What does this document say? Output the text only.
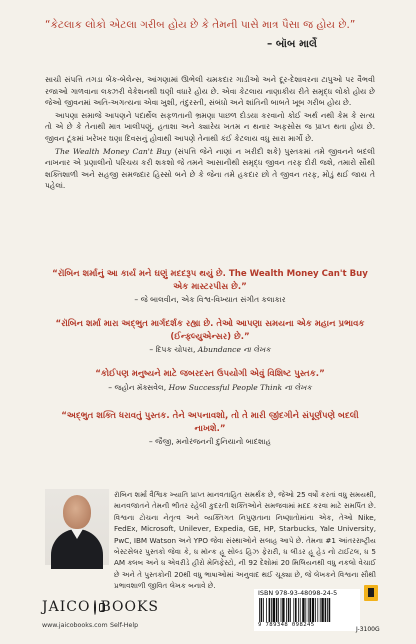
“કેટલાક લોકો એટલા ગરીબ હોય છે કે તેમની પાસે માત્ર પૈસા જ હોય છે.”
– બૉબ માર્લે

સાચી સંપત્તિ તગડા બેંક-બેલેન્સ, આંગણામાં ઊભેલી ચમકદાર ગાડીઓ અને દૂર-દેશાવરના ટાપુઓ પર વૈભવી રજાઓ ગાળવાના લક્ઝરી વેકેશનથી ઘણી વધારે હોય છે. એવા કેટલાય નાણાકીય રીતે સમૃદ્ધ લોકો હોય છે જેઓ જીવનમાં અતિ-અગત્યના એવા ખુશી, તંદુરસ્તી, સંબંધો અને શાંતિની બાબતે ખૂબ ગરીબ હોય છે.

આપણા સમાજે આપણને પદાર્થેલ સફળતાની ભ્રમણા પાછળ દોડયા કરવાનો કોઈ અર્થ નથી કેમ કે સત્ય તો એ છે કે તેનાથી માત્ર ખાલીપણું, હતાશા અને ક્યારેય ખતમ ન થનાર અફસોસ જ પ્રાપ્ત થતા હોય છે. જીવન ટૂંકમાં ખરેખર ઘણા દિવસનું હોવાથી આપણે તેનાથી કંઈ કેટલાય વધુ સારા માર્ગો છે.

The Wealth Money Can't Buy (સંપત્તિ જેને નાણાં ન ખરીદી શકે) પુસ્તકમાં તમે જીવનને બદલી નાખનાર એ પ્રણાલીનો પરિચય કરી શકશો જે તમને આસાનીથી સમૃદ્ધ જીવન તરફ દોરી જશે, તમારો સૌથી શક્તિશાળી અને સહજી સમજદાર હિસ્સો બને છે કે જેના તમે હકદાર છો તે જીવન તરફ, મોડું થઈ જાય તે પહેલાં.

“રૉબિન શર્માનું આ કાર્ય મને ઘણું મદદરૂપ થયું છે. The Wealth Money Can't Buy એક માસ્ટરપીસ છે.”
– જે બાલવીન, એક વિશ્વ-વિખ્યાત સંગીત કલાકાર
“રૉબિન શર્મા મારા અદ્ભુત માર્ગદર્શક રહ્યા છે. તેઓ આપણા સમયના એક મહાન પ્રભાવક (ઈન્ફ્લ્યુએન્સર) છે.”
– દિપક ચોપરા, Abundance ના લેખક
“કોઈપણ મનુષ્યને માટે જબરદસ્ત ઉપયોગી એવું વિશિષ્ટ પુસ્તક.”
– જહોન મૅક્સવેલ, How Successful People Think ના લેખક
“અદ્ભુત શક્તિ ધરાવતું પુસ્તક. તેને અપનાવશો, તો તે મારી જીંદગીને સંપૂર્ણપણે બદલી નાખશે.”
– જૈજી, મનોરંજનની દુનિયાનો બાદશાહ
રૉબિન શર્મા વૈશ્વિક ખ્યાતિ પ્રાપ્ત માનવતાહિત સમર્થક છે, જેઓ 25 વર્ષો કરતાં વધુ સમયથી, માનવજાતને તેમની ભીતર રહેલી કુદરતી શક્તિઓને સમજવામાં મદદ કરવા માટે સમર્પિત છે. વિશ્વના ટોચના નેતૃત્વ અને વ્યક્તિગત નિપુણતાના નિષ્ણાતોમાંના એક, તેઓ Nike, FedEx, Microsoft, Unilever, Expedia, GE, HP, Starbucks, Yale University, PwC, IBM Watson અને YPO જેવા સંસ્થાઓને સલાહ આપે છે. તેમના #1 આંતરરાષ્ટ્રીય બેસ્ટસેલર પુસ્તકો જેવા કે, ધ મૉન્ક હૂ સોલ્ડ હિઝ ફેરારી, ધ લીડર હૂ હેડ નો ટાઈટલ, ધ 5 AM ક્લબ અને ધ એવરીડે હીરો મેનિફેસ્ટો, ની 92 દેશોમાં 20 મિલિયનથી વધુ નકલો વેચાઈ છે અને તે પુસ્તકોની 20થી વધુ ભાષાઓમાં અનુવાદ થઈ ચૂક્યા છે, જે લેખકને વિશ્વના સૌથી પ્રભાવશાળી જીવિત લેખક બનાવે છે.
JAICO BOOKS
www.jaicobooks.com Self-Help
ISBN 978-93-48098-24-5
9 789348 098245
J-3100G
